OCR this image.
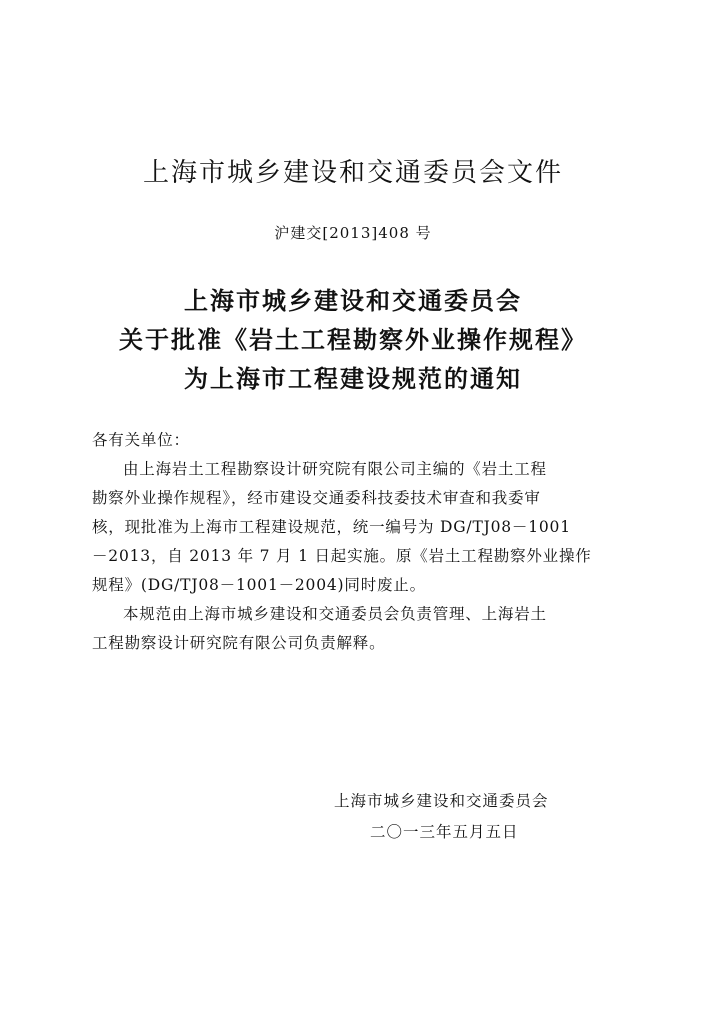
上海市城乡建设和交通委员会文件
沪建交[2013]408 号
上海市城乡建设和交通委员会
关于批准《岩土工程勘察外业操作规程》
为上海市工程建设规范的通知
各有关单位：
由上海岩土工程勘察设计研究院有限公司主编的《岩土工程
勘察外业操作规程》，经市建设交通委科技委技术审查和我委审
核，现批准为上海市工程建设规范，统一编号为 DG/TJ08－1001
－2013，自 2013 年 7 月 1 日起实施。原《岩土工程勘察外业操作
规程》(DG/TJ08－1001－2004)同时废止。
本规范由上海市城乡建设和交通委员会负责管理、上海岩土
工程勘察设计研究院有限公司负责解释。
上海市城乡建设和交通委员会
二〇一三年五月五日
